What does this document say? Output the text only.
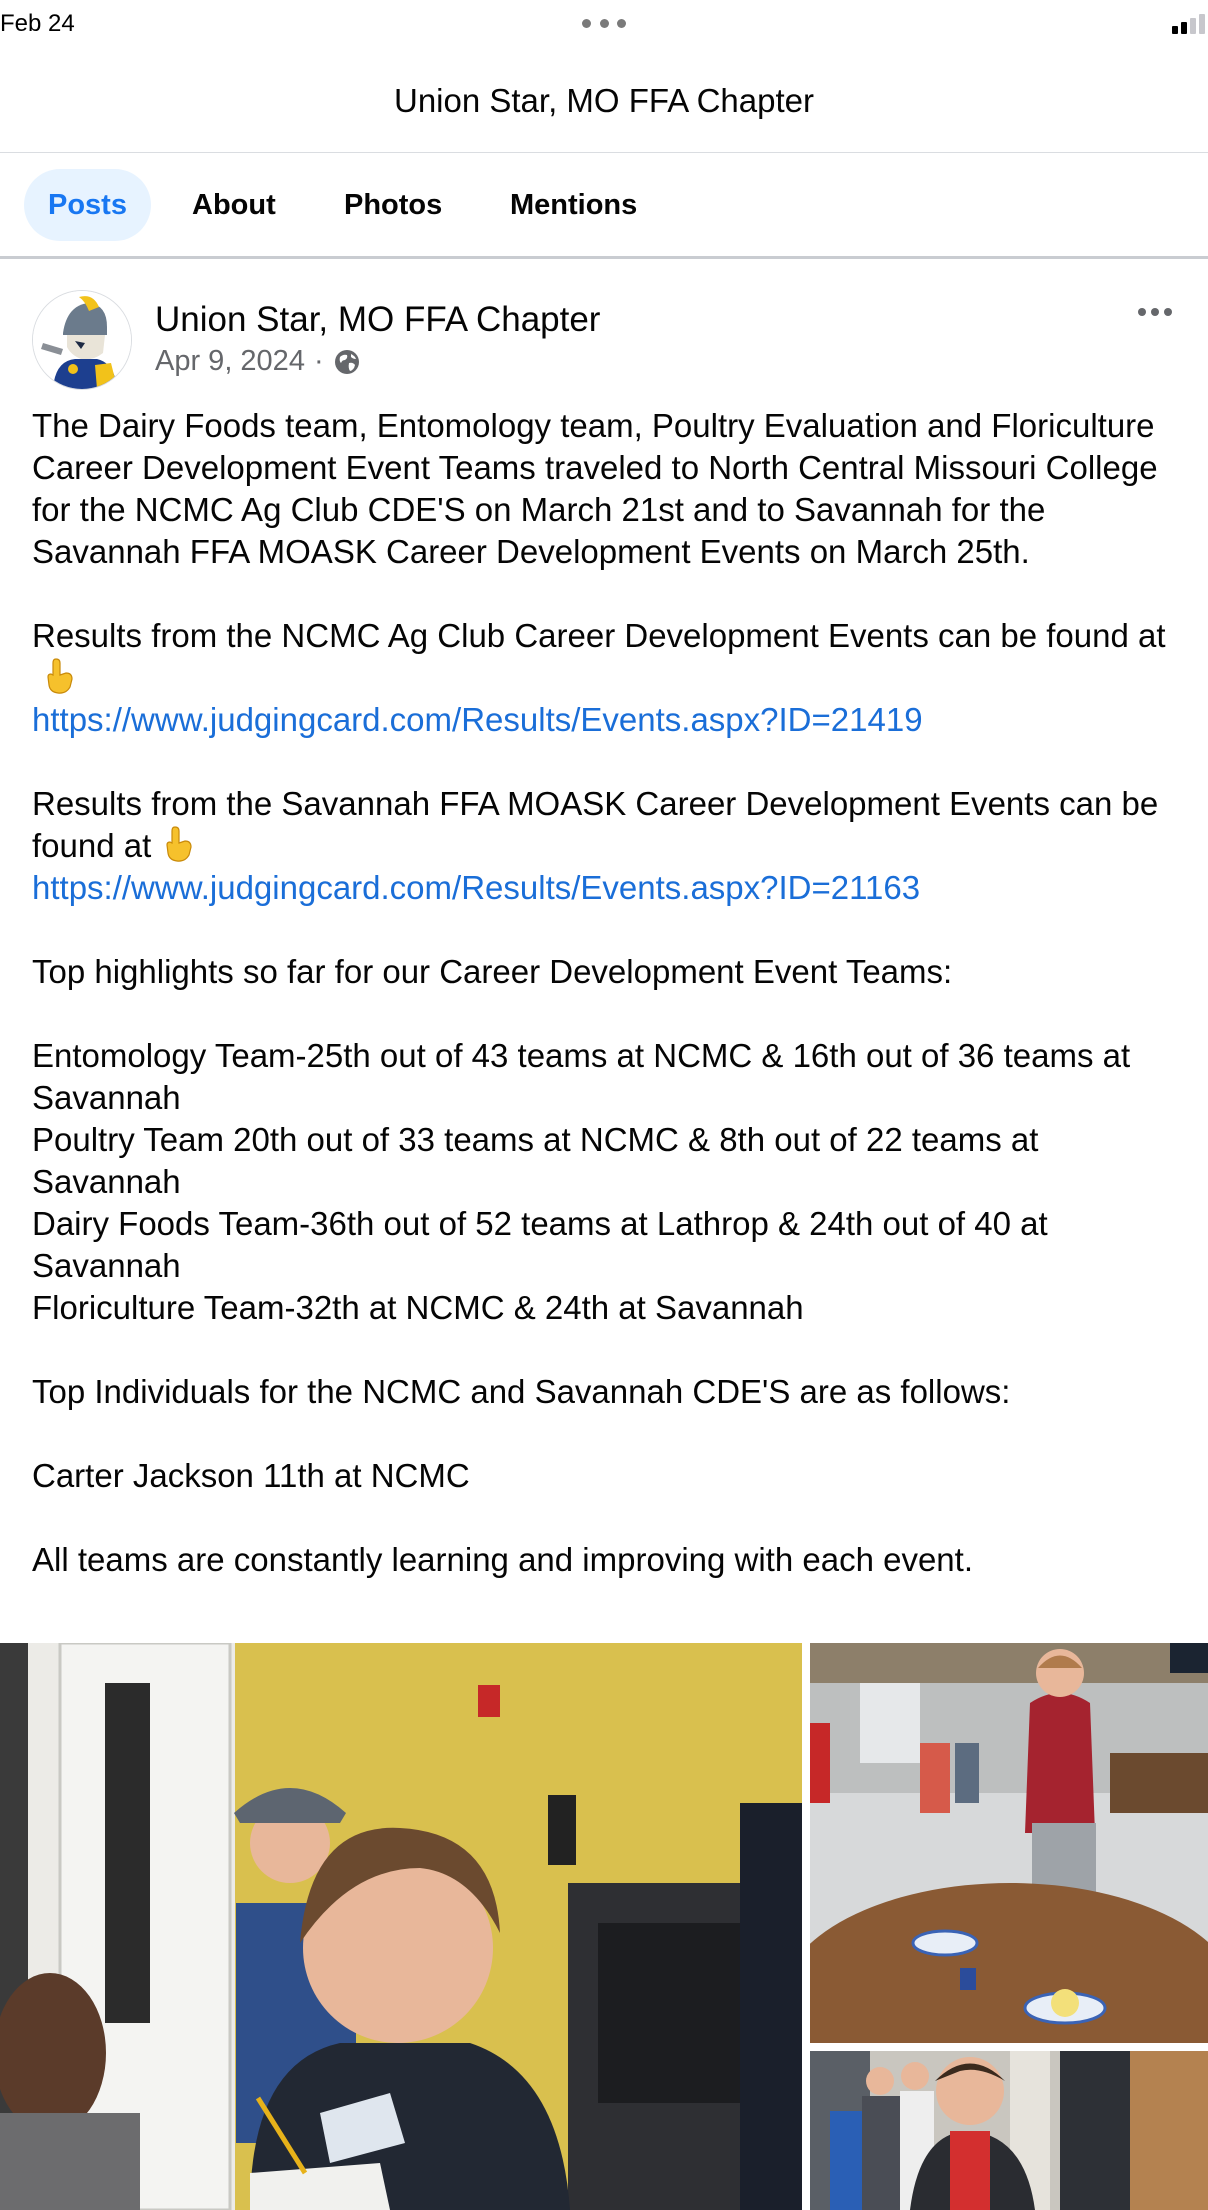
Feb 24
Union Star, MO FFA Chapter
Posts	About	Photos	Mentions
Union Star, MO FFA Chapter
Apr 9, 2024 ·

The Dairy Foods team, Entomology team, Poultry Evaluation and Floriculture Career Development Event Teams traveled to North Central Missouri College for the NCMC Ag Club CDE'S on March 21st and to Savannah for the Savannah FFA MOASK Career Development Events on March 25th.

Results from the NCMC Ag Club Career Development Events can be found at

https://www.judgingcard.com/Results/Events.aspx?ID=21419

Results from the Savannah FFA MOASK Career Development Events can be found at

https://www.judgingcard.com/Results/Events.aspx?ID=21163

Top highlights so far for our Career Development Event Teams:

Entomology Team-25th out of 43 teams at NCMC & 16th out of 36 teams at Savannah

Poultry Team 20th out of 33 teams at NCMC & 8th out of 22 teams at Savannah

Dairy Foods Team-36th out of 52 teams at Lathrop & 24th out of 40 at Savannah

Floriculture Team-32th at NCMC & 24th at Savannah

Top Individuals for the NCMC and Savannah CDE'S are as follows:

Carter Jackson 11th at NCMC

All teams are constantly learning and improving with each event.
